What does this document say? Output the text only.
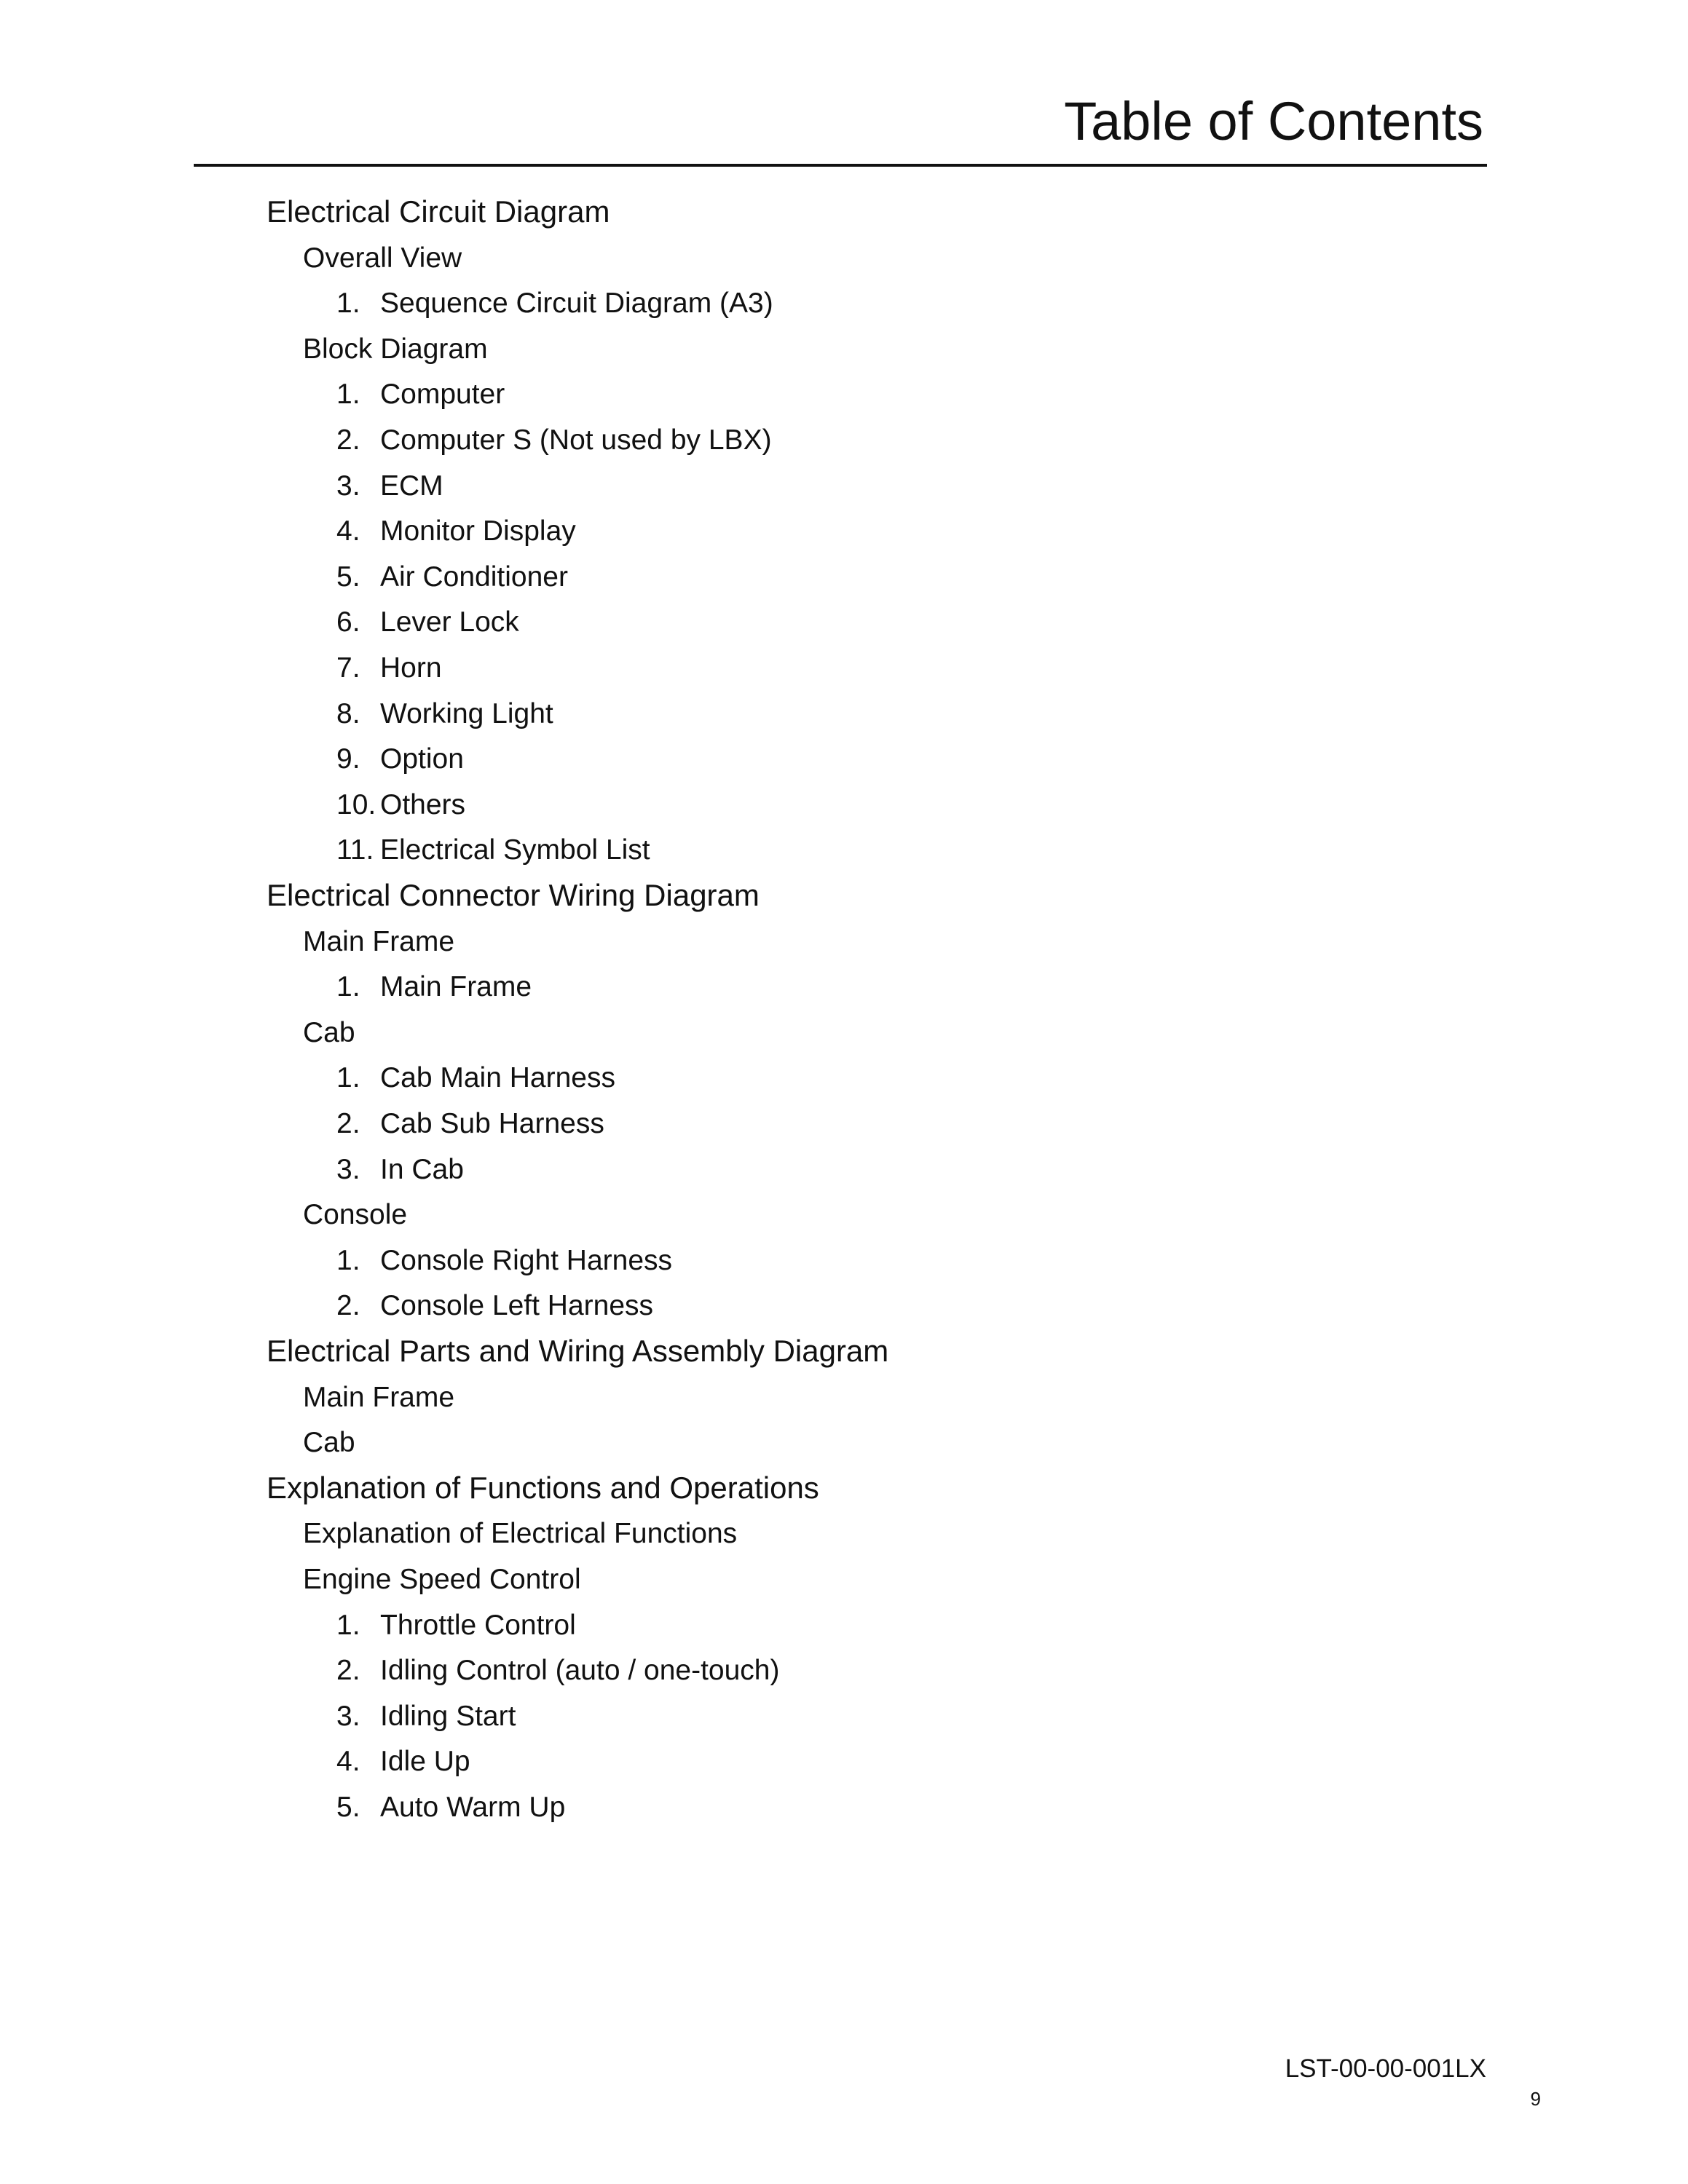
Table of Contents
Electrical Circuit Diagram
Overall View
1. Sequence Circuit Diagram (A3)
Block Diagram
1. Computer
2. Computer S (Not used by LBX)
3. ECM
4. Monitor Display
5. Air Conditioner
6. Lever Lock
7. Horn
8. Working Light
9. Option
10. Others
11. Electrical Symbol List
Electrical Connector Wiring Diagram
Main Frame
1. Main Frame
Cab
1. Cab Main Harness
2. Cab Sub Harness
3. In Cab
Console
1. Console Right Harness
2. Console Left Harness
Electrical Parts and Wiring Assembly Diagram
Main Frame
Cab
Explanation of Functions and Operations
Explanation of Electrical Functions
Engine Speed Control
1. Throttle Control
2. Idling Control (auto / one-touch)
3. Idling Start
4. Idle Up
5. Auto Warm Up
LST-00-00-001LX
9
